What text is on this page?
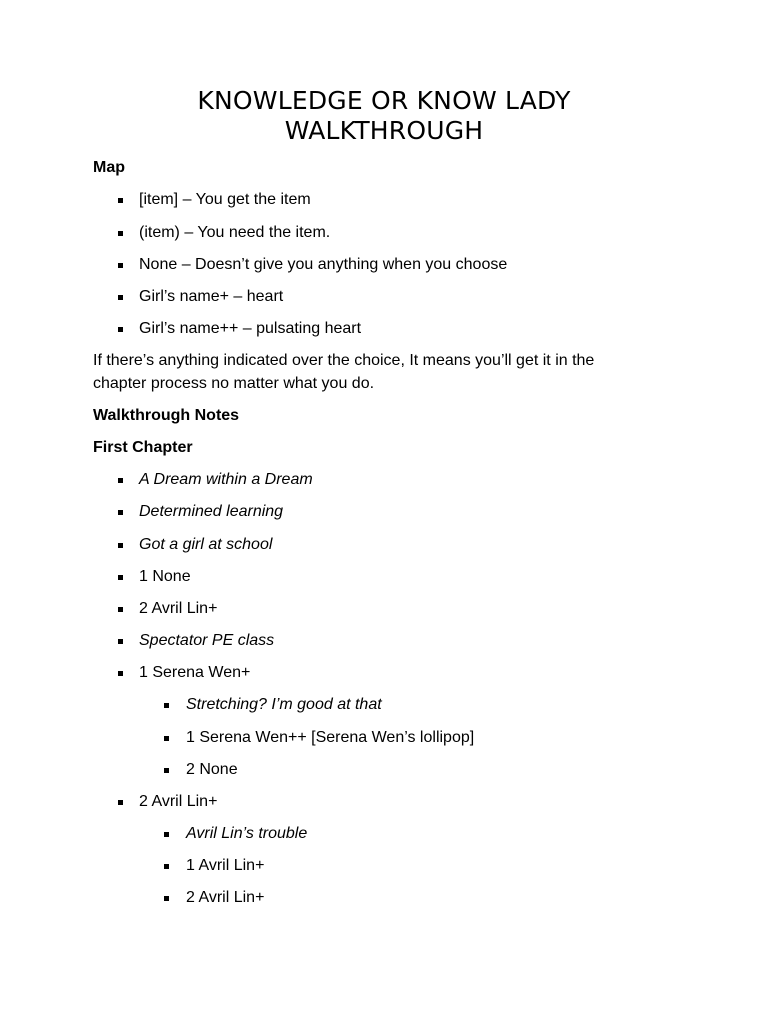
KNOWLEDGE OR KNOW LADY
WALKTHROUGH

Map

[item] – You get the item
(item) – You need the item.
None – Doesn’t give you anything when you choose
Girl’s name+ – heart
Girl’s name++ – pulsating heart

If there’s anything indicated over the choice, It means you’ll get it in the

chapter process no matter what you do.

Walkthrough Notes

First Chapter

A Dream within a Dream
Determined learning
Got a girl at school
1 None
2 Avril Lin+
Spectator PE class
1 Serena Wen+
Stretching? I’m good at that
1 Serena Wen++ [Serena Wen’s lollipop]
2 None
2 Avril Lin+
Avril Lin’s trouble
1 Avril Lin+
2 Avril Lin+
